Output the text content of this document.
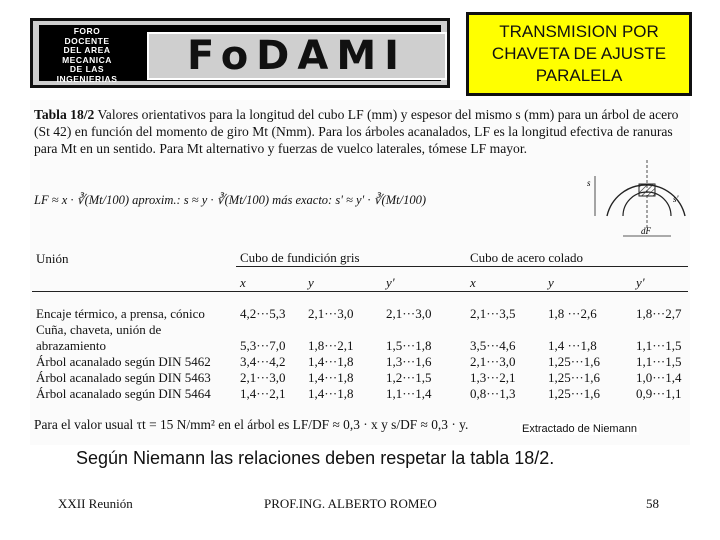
FORO
DOCENTE
DEL AREA
MECANICA
DE LAS
INGENIERIAS	FoDAMI
TRANSMISION POR CHAVETA DE AJUSTE PARALELA
Tabla 18/2 Valores orientativos para la longitud del cubo LF (mm) y espesor del mismo s (mm) para un árbol de acero (St 42) en función del momento de giro Mt (Nmm). Para los árboles acanalados, LF es la longitud efectiva de ranuras para Mt en un sentido. Para Mt alternativo y fuerzas de vuelco laterales, tómese LF mayor.
LF ≈ x · ∛(Mt/100) aproxim.: s ≈ y · ∛(Mt/100) más exacto: s' ≈ y' · ∛(Mt/100)
s
s'
dF
Unión	Cubo de fundición gris			Cubo de acero colado		
	x	y	y'	x	y	y'

Encaje térmico, a prensa, cónico	4,2···5,3	2,1···3,0	2,1···3,0	2,1···3,5	1,8 ···2,6	1,8···2,7
Cuña, chaveta, unión de						
abrazamiento	5,3···7,0	1,8···2,1	1,5···1,8	3,5···4,6	1,4 ···1,8	1,1···1,5
Árbol acanalado según DIN 5462	3,4···4,2	1,4···1,8	1,3···1,6	2,1···3,0	1,25···1,6	1,1···1,5
Árbol acanalado según DIN 5463	2,1···3,0	1,4···1,8	1,2···1,5	1,3···2,1	1,25···1,6	1,0···1,4
Árbol acanalado según DIN 5464	1,4···2,1	1,4···1,8	1,1···1,4	0,8···1,3	1,25···1,6	0,9···1,1
Para el valor usual τt = 15 N/mm² en el árbol es LF/DF ≈ 0,3 · x y s/DF ≈ 0,3 · y.	Extractado de Niemann
Según Niemann las relaciones deben respetar la tabla 18/2.
XXII Reunión	PROF.ING. ALBERTO ROMEO	58
